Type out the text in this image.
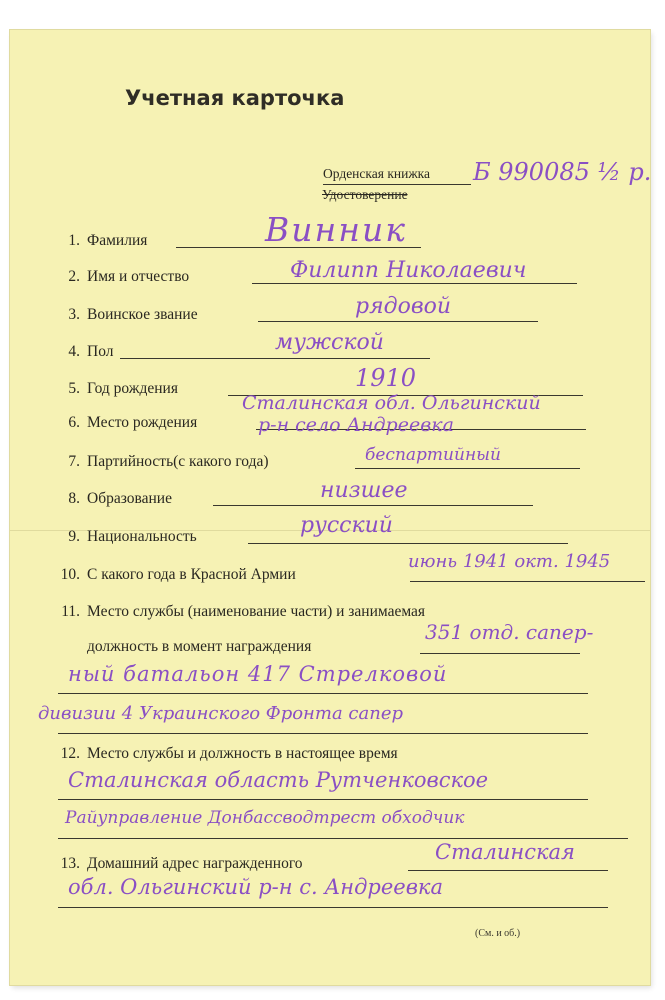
Учетная карточка
Орденская книжка
Удостоверение
Б 990085 ½ р.
1. Фамилия	Винник
2. Имя и отчество	Филипп Николаевич
3. Воинское звание	рядовой
4. Пол	мужской
5. Год рождения	1910
6. Место рождения
Сталинская обл. Ольгинский
р-н село Андреевка
7. Партийность(с какого года)	беспартийный
8. Образование	низшее
9. Национальность	русский
10. С какого года в Красной Армии
июнь 1941 окт. 1945
11. Место службы (наименование части) и занимаемая
должность в момент награждения
351 отд. сапер-
ный батальон 417 Стрелковой
дивизии 4 Украинского Фронта сапер
12. Место службы и должность в настоящее время
Сталинская область Рутченковское
Райуправление Донбассводтрест обходчик
13. Домашний адрес награжденного	Сталинская
обл. Ольгинский р-н с. Андреевка
(См. и об.)
